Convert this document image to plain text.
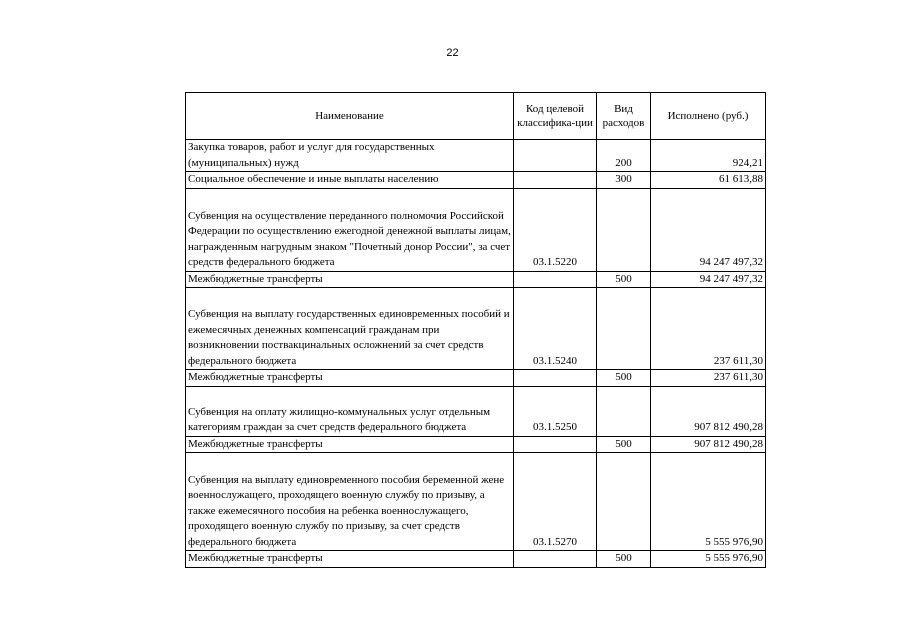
22
Наименование	Код целевой классифика-ции	Вид расходов	Исполнено (руб.)
Закупка товаров, работ и услуг для государственных (муниципальных) нужд		200	924,21
Социальное обеспечение и иные выплаты населению		300	61 613,88
Субвенция на осуществление переданного полномочия Российской Федерации по осуществлению ежегодной денежной выплаты лицам, награжденным нагрудным знаком "Почетный донор России", за счет средств федерального бюджета	03.1.5220		94 247 497,32
Межбюджетные трансферты		500	94 247 497,32
Субвенция на выплату государственных единовременных пособий и ежемесячных денежных компенсаций гражданам при возникновении поствакцинальных осложнений за счет средств федерального бюджета	03.1.5240		237 611,30
Межбюджетные трансферты		500	237 611,30
Субвенция на оплату жилищно-коммунальных услуг отдельным категориям граждан за счет средств федерального бюджета	03.1.5250		907 812 490,28
Межбюджетные трансферты		500	907 812 490,28
Субвенция на выплату единовременного пособия беременной жене военнослужащего, проходящего военную службу по призыву, а также ежемесячного пособия на ребенка военнослужащего, проходящего военную службу по призыву, за счет средств федерального бюджета	03.1.5270		5 555 976,90
Межбюджетные трансферты		500	5 555 976,90
